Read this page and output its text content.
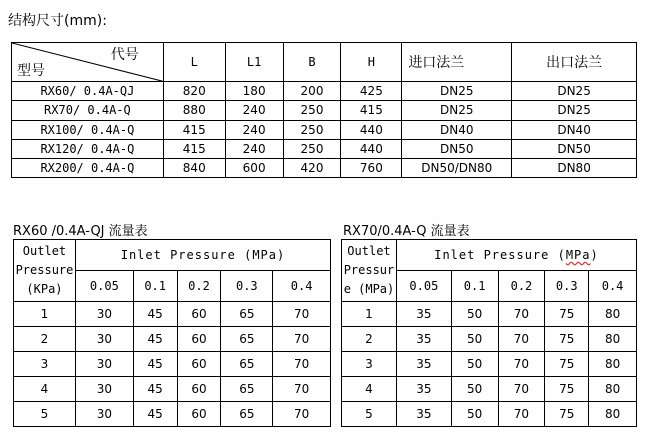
结构尺寸(mm):
代号
型号	L	L1	B	H	进口法兰	出口法兰
RX60/ 0.4A-QJ	820	180	200	425	DN25	DN25
RX70/ 0.4A-Q	880	240	250	415	DN25	DN25
RX100/ 0.4A-Q	415	240	250	440	DN40	DN40
RX120/ 0.4A-Q	415	240	250	440	DN50	DN50
RX200/ 0.4A-Q	840	600	420	760	DN50/DN80	DN80
RX60 /0.4A-QJ 流量表
Outlet
Pressure
(KPa)	Inlet Pressure (MPa)				
	0.05	0.1	0.2	0.3	0.4
1	30	45	60	65	70
2	30	45	60	65	70
3	30	45	60	65	70
4	30	45	60	65	70
5	30	45	60	65	70
RX70/0.4A-Q 流量表
Outlet
Pressur
e (MPa)	Inlet Pressure (MPa)				
	0.05	0.1	0.2	0.3	0.4
1	35	50	70	75	80
2	35	50	70	75	80
3	35	50	70	75	80
4	35	50	70	75	80
5	35	50	70	75	80
